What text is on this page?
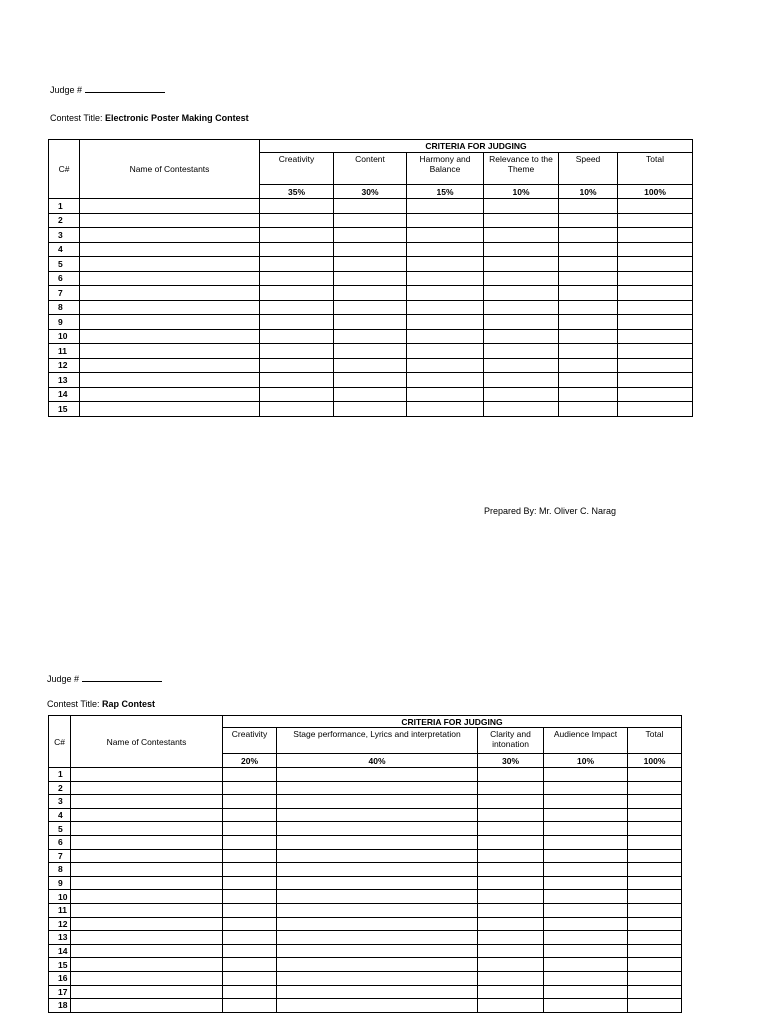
Judge #
Contest Title: Electronic Poster Making Contest
C#	Name of Contestants	CRITERIA FOR JUDGING					
		Creativity	Content	Harmony and Balance	Relevance to the Theme	Speed	Total
		35%	30%	15%	10%	10%	100%
1							
2							
3							
4							
5							
6							
7							
8							
9							
10							
11							
12							
13							
14							
15							
Prepared By: Mr. Oliver C. Narag
Judge #
Contest Title: Rap Contest
C#	Name of Contestants	CRITERIA FOR JUDGING				
		Creativity	Stage performance, Lyrics and interpretation	Clarity and intonation	Audience Impact	Total
		20%	40%	30%	10%	100%
1						
2						
3						
4						
5						
6						
7						
8						
9						
10						
11						
12						
13						
14						
15						
16						
17						
18						
